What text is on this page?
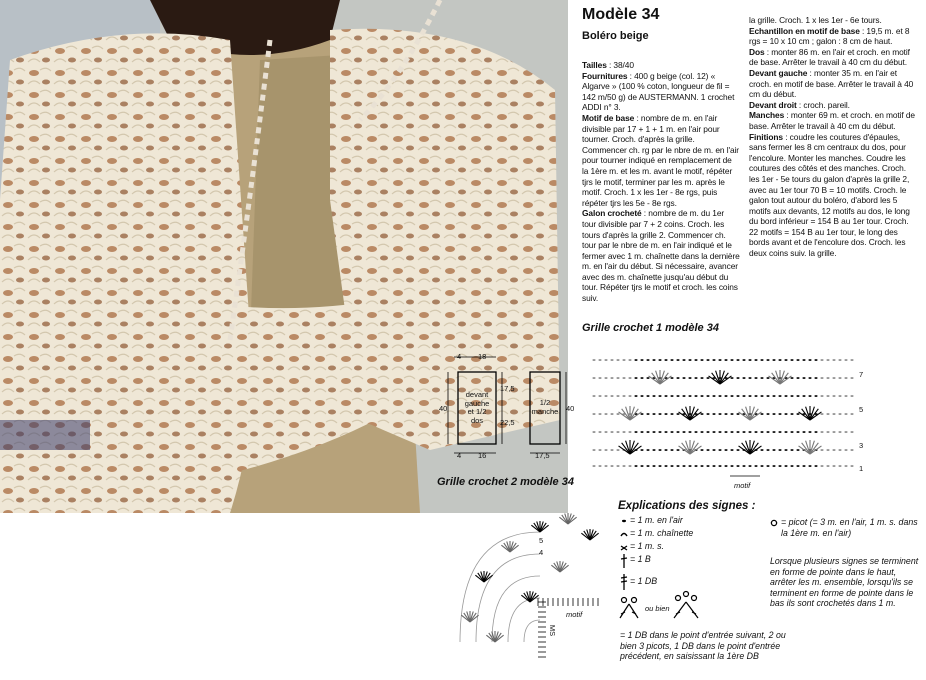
Modèle 34
Boléro beige

Tailles : 38/40

Fournitures : 400 g beige (col. 12) « Algarve » (100 % coton, longueur de fil = 142 m/50 g) de AUSTERMANN. 1 crochet ADDI n° 3.

Motif de base : nombre de m. en l'air divisible par 17 + 1 + 1 m. en l'air pour tourner. Croch. d'après la grille. Commencer ch. rg par le nbre de m. en l'air pour tourner indiqué en remplacement de la 1ère m. et les m. avant le motif, répéter tjrs le motif, terminer par les m. après le motif. Croch. 1 x les 1er - 8e rgs, puis répéter tjrs les 5e - 8e rgs.

Galon crocheté : nombre de m. du 1er tour divisible par 7 + 2 coins. Croch. les tours d'après la grille 2. Commencer ch. tour par le nbre de m. en l'air indiqué et le fermer avec 1 m. chaînette dans la dernière m. en l'air du début. Si nécessaire, avancer avec des m. chaînette jusqu'au début du tour. Répéter tjrs le motif et croch. les coins suiv.

la grille. Croch. 1 x les 1er - 6e tours.

Echantillon en motif de base : 19,5 m. et 8 rgs = 10 x 10 cm ; galon : 8 cm de haut.

Dos : monter 86 m. en l'air et croch. en motif de base. Arrêter le travail à 40 cm du début.

Devant gauche : monter 35 m. en l'air et croch. en motif de base. Arrêter le travail à 40 cm du début.

Devant droit : croch. pareil.

Manches : monter 69 m. et croch. en motif de base. Arrêter le travail à 40 cm du début.

Finitions : coudre les coutures d'épaules, sans fermer les 8 cm centraux du dos, pour l'encolure. Monter les manches. Coudre les coutures des côtés et des manches. Croch. les 1er - 5e tours du galon d'après la grille 2, avec au 1er tour 70 B = 10 motifs. Croch. le galon tout autour du boléro, d'abord les 5 motifs aux devants, 12 motifs au dos, le long du bord inférieur = 154 B au 1er tour. Croch. 22 motifs = 154 B au 1er tour, le long des bords avant et de l'encolure dos. Croch. les deux coins suiv. la grille.

Grille crochet 1 modèle 34
Grille crochet 2 modèle 34
4 18
4 16
40
17,5
22,5
40
17,5
devant
gauche
et 1/2
dos
1/2
manche
7
5
3
1
motif
motif
MS
5
4
Explications des signes :
= 1 m. en l'air
= 1 m. chaînette
= 1 m. s.
= 1 B
= 1 DB
ou bien
= 1 DB dans le point d'entrée suivant, 2 ou bien 3 picots, 1 DB dans le point d'entrée précédent, en saisissant la 1ère DB
= picot (= 3 m. en l'air, 1 m. s. dans la 1ère m. en l'air)
Lorsque plusieurs signes se terminent en forme de pointe dans le haut, arrêter les m. ensemble, lorsqu'ils se terminent en forme de pointe dans le bas ils sont crochetés dans 1 m.
